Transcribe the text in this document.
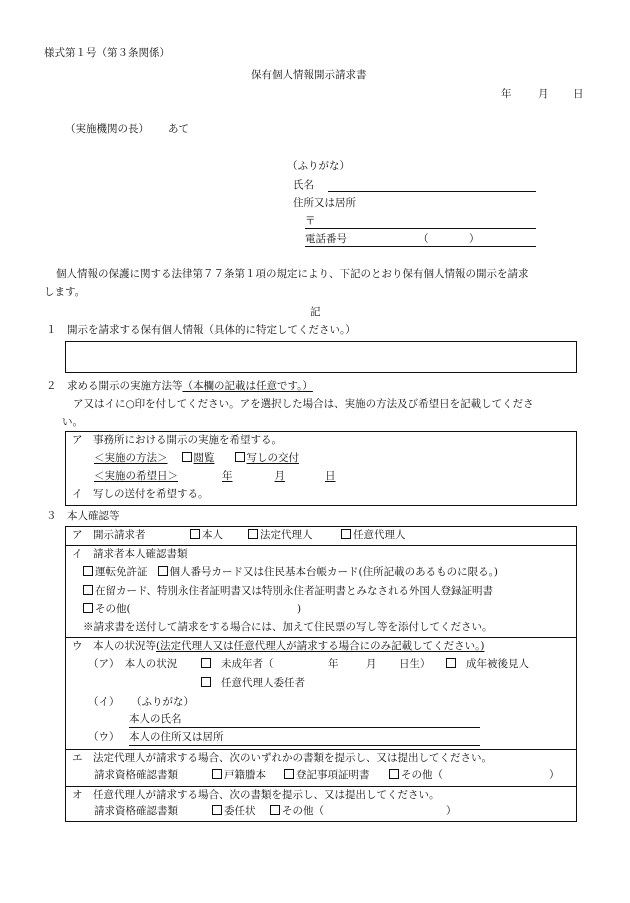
様式第１号（第３条関係）
保有個人情報開示請求書
年	月 日
（実施機関の長） あて
（ふりがな）
氏名
住所又は居所
〒
電話番号	（	）
個人情報の保護に関する法律第７７条第１項の規定により、下記のとおり保有個人情報の開示を請求
します。
記
１　開示を請求する保有個人情報（具体的に特定してください。）
２　求める開示の実施方法等（本欄の記載は任意です。）
ア又はイに○印を付してください。アを選択した場合は、実施の方法及び希望日を記載してくださ
い。
ア　事務所における開示の実施を希望する。
＜実施の方法＞ 閲覧	写しの交付
＜実施の希望日＞	年	月	日
イ　写しの送付を希望する。
３　本人確認等
ア　開示請求者	本人	法定代理人	任意代理人
イ　請求者本人確認書類
運転免許証 個人番号カード又は住民基本台帳カード(住所記載のあるものに限る。)
在留カード、特別永住者証明書又は特別永住者証明書とみなされる外国人登録証明書
その他(	)
※請求書を送付して請求をする場合には、加えて住民票の写し等を添付してください。
ウ　本人の状況等(法定代理人又は任意代理人が請求する場合にのみ記載してください。)
（ア）　本人の状況	未成年者（	年	月 日生）	成年被後見人
任意代理人委任者
（イ） （ふりがな）
本人の氏名
（ウ） 本人の住所又は居所
エ　法定代理人が請求する場合、次のいずれかの書類を提示し、又は提出してください。
請求資格確認書類	戸籍謄本	登記事項証明書	その他（	）
オ　任意代理人が請求する場合、次の書類を提示し、又は提出してください。
請求資格確認書類	委任状	その他（	）
